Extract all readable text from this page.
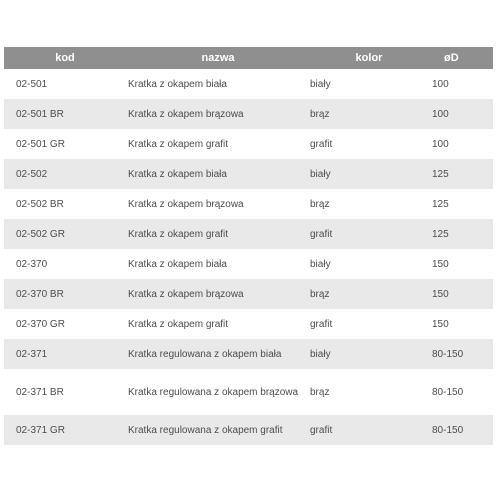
kod	nazwa	kolor	øD
02-501	Kratka z okapem biała	biały	100
02-501 BR	Kratka z okapem brązowa	brąz	100
02-501 GR	Kratka z okapem grafit	grafit	100
02-502	Kratka z okapem biała	biały	125
02-502 BR	Kratka z okapem brązowa	brąz	125
02-502 GR	Kratka z okapem grafit	grafit	125
02-370	Kratka z okapem biała	biały	150
02-370 BR	Kratka z okapem brązowa	brąz	150
02-370 GR	Kratka z okapem grafit	grafit	150
02-371	Kratka regulowana z okapem biała	biały	80-150
02-371 BR	Kratka regulowana z okapem brązowa	brąz	80-150
02-371 GR	Kratka regulowana z okapem grafit	grafit	80-150
